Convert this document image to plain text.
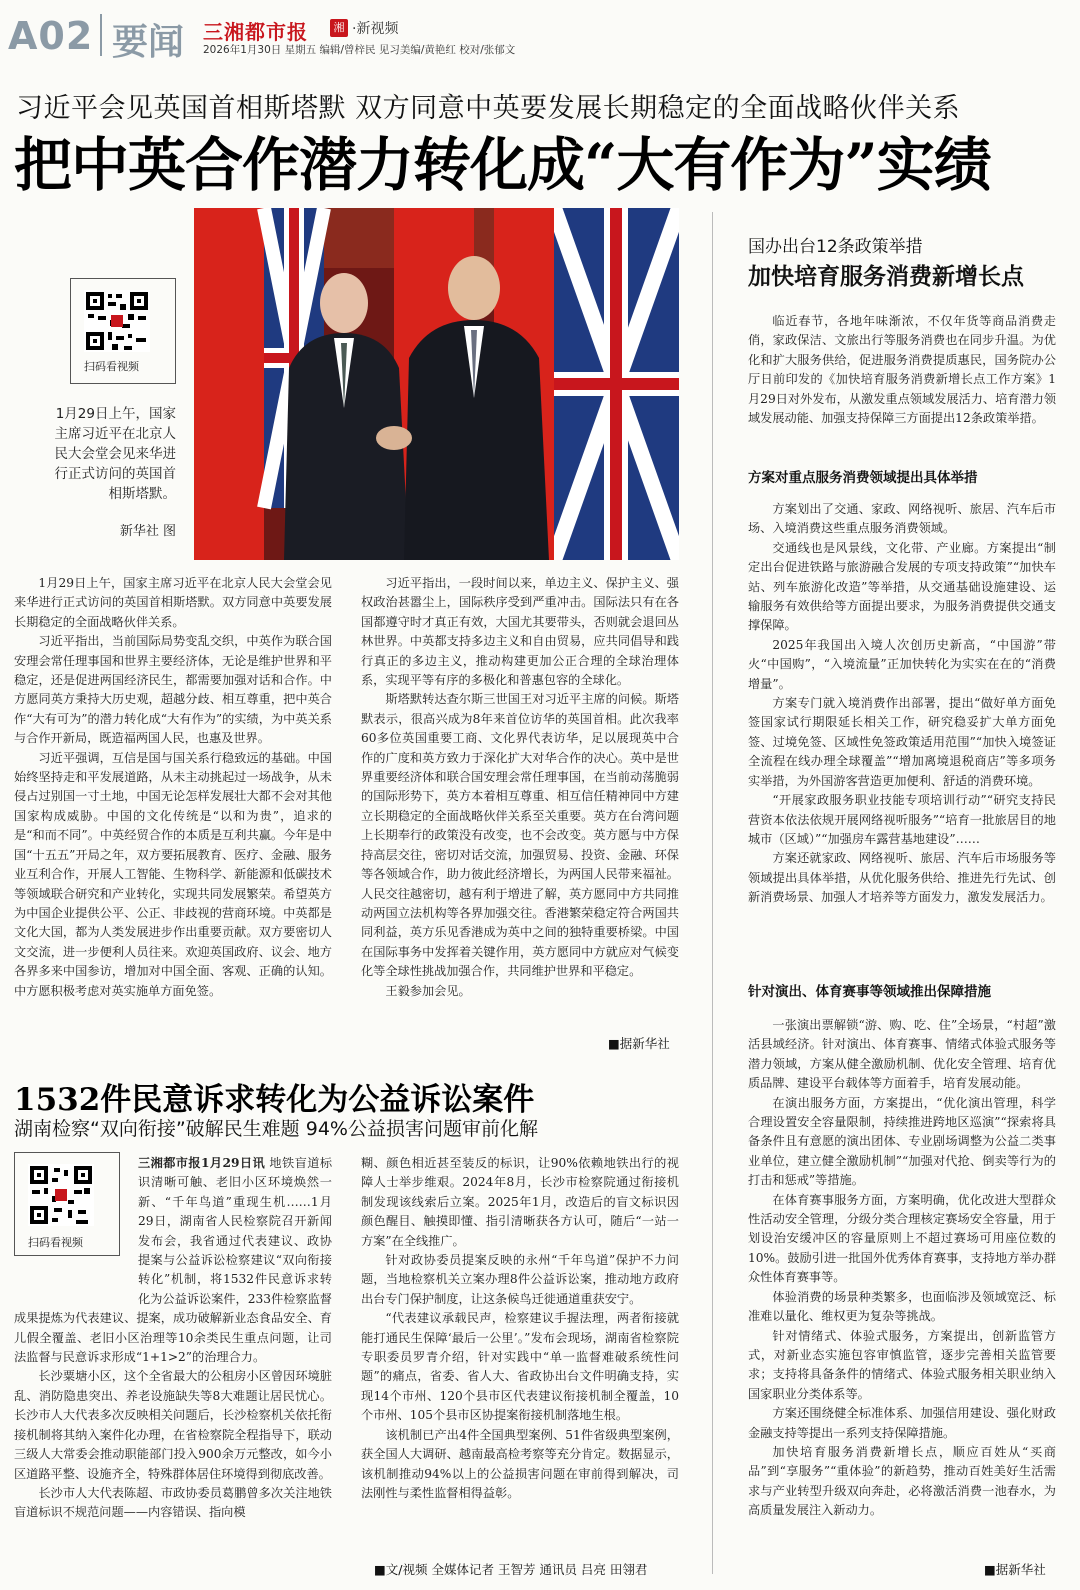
A02 要闻 三湘都市报	湘 ·新视频
2026年1月30日 星期五 编辑/曾梓民 见习美编/黄艳红 校对/张郁文
习近平会见英国首相斯塔默 双方同意中英要发展长期稳定的全面战略伙伴关系
把中英合作潜力转化成“大有作为”实绩
扫码看视频
1月29日上午，国家主席习近平在北京人民大会堂会见来华进行正式访问的英国首相斯塔默。
新华社 图

1月29日上午，国家主席习近平在北京人民大会堂会见来华进行正式访问的英国首相斯塔默。双方同意中英要发展长期稳定的全面战略伙伴关系。

习近平指出，当前国际局势变乱交织，中英作为联合国安理会常任理事国和世界主要经济体，无论是维护世界和平稳定，还是促进两国经济民生，都需要加强对话和合作。中方愿同英方秉持大历史观，超越分歧、相互尊重，把中英合作“大有可为”的潜力转化成“大有作为”的实绩，为中英关系与合作开新局，既造福两国人民，也惠及世界。

习近平强调，互信是国与国关系行稳致远的基础。中国始终坚持走和平发展道路，从未主动挑起过一场战争，从未侵占过别国一寸土地，中国无论怎样发展壮大都不会对其他国家构成威胁。中国的文化传统是“以和为贵”，追求的是“和而不同”。中英经贸合作的本质是互利共赢。今年是中国“十五五”开局之年，双方要拓展教育、医疗、金融、服务业互利合作，开展人工智能、生物科学、新能源和低碳技术等领域联合研究和产业转化，实现共同发展繁荣。希望英方为中国企业提供公平、公正、非歧视的营商环境。中英都是文化大国，都为人类发展进步作出重要贡献。双方要密切人文交流，进一步便利人员往来。欢迎英国政府、议会、地方各界多来中国参访，增加对中国全面、客观、正确的认知。中方愿积极考虑对英实施单方面免签。

习近平指出，一段时间以来，单边主义、保护主义、强权政治甚嚣尘上，国际秩序受到严重冲击。国际法只有在各国都遵守时才真正有效，大国尤其要带头，否则就会退回丛林世界。中英都支持多边主义和自由贸易，应共同倡导和践行真正的多边主义，推动构建更加公正合理的全球治理体系，实现平等有序的多极化和普惠包容的全球化。

斯塔默转达查尔斯三世国王对习近平主席的问候。斯塔默表示，很高兴成为8年来首位访华的英国首相。此次我率60多位英国重要工商、文化界代表访华，足以展现英中合作的广度和英方致力于深化扩大对华合作的决心。英中是世界重要经济体和联合国安理会常任理事国，在当前动荡脆弱的国际形势下，英方本着相互尊重、相互信任精神同中方建立长期稳定的全面战略伙伴关系至关重要。英方在台湾问题上长期奉行的政策没有改变，也不会改变。英方愿与中方保持高层交往，密切对话交流，加强贸易、投资、金融、环保等各领域合作，助力彼此经济增长，为两国人民带来福祉。人民交往越密切，越有利于增进了解，英方愿同中方共同推动两国立法机构等各界加强交往。香港繁荣稳定符合两国共同利益，英方乐见香港成为英中之间的独特重要桥梁。中国在国际事务中发挥着关键作用，英方愿同中方就应对气候变化等全球性挑战加强合作，共同维护世界和平稳定。

王毅参加会见。

■据新华社
国办出台12条政策举措
加快培育服务消费新增长点

临近春节，各地年味渐浓，不仅年货等商品消费走俏，家政保洁、文旅出行等服务消费也在同步升温。为优化和扩大服务供给，促进服务消费提质惠民，国务院办公厅日前印发的《加快培育服务消费新增长点工作方案》1月29日对外发布，从激发重点领域发展活力、培育潜力领域发展动能、加强支持保障三方面提出12条政策举措。

方案对重点服务消费领域提出具体举措

方案划出了交通、家政、网络视听、旅居、汽车后市场、入境消费这些重点服务消费领域。

交通线也是风景线，文化带、产业廊。方案提出“制定出台促进铁路与旅游融合发展的专项支持政策”“加快车站、列车旅游化改造”等举措，从交通基础设施建设、运输服务有效供给等方面提出要求，为服务消费提供交通支撑保障。

2025年我国出入境人次创历史新高，“中国游”带火“中国购”，“入境流量”正加快转化为实实在在的“消费增量”。

方案专门就入境消费作出部署，提出“做好单方面免签国家试行期限延长相关工作，研究稳妥扩大单方面免签、过境免签、区域性免签政策适用范围”“加快入境签证全流程在线办理全球覆盖”“增加离境退税商店”等多项务实举措，为外国游客营造更加便利、舒适的消费环境。

“开展家政服务职业技能专项培训行动”“研究支持民营资本依法依规开展网络视听服务”“培育一批旅居目的地城市（区域）”“加强房车露营基地建设”……

方案还就家政、网络视听、旅居、汽车后市场服务等领域提出具体举措，从优化服务供给、推进先行先试、创新消费场景、加强人才培养等方面发力，激发发展活力。

针对演出、体育赛事等领域推出保障措施

一张演出票解锁“游、购、吃、住”全场景，“村超”激活县域经济。针对演出、体育赛事、情绪式体验式服务等潜力领域，方案从健全激励机制、优化安全管理、培育优质品牌、建设平台载体等方面着手，培育发展动能。

在演出服务方面，方案提出，“优化演出管理，科学合理设置安全容量限制，持续推进跨地区巡演”“探索将具备条件且有意愿的演出团体、专业剧场调整为公益二类事业单位，建立健全激励机制”“加强对代抢、倒卖等行为的打击和惩戒”等措施。

在体育赛事服务方面，方案明确，优化改进大型群众性活动安全管理，分级分类合理核定赛场安全容量，用于划设治安缓冲区的容量原则上不超过赛场可用座位数的10%。鼓励引进一批国外优秀体育赛事，支持地方举办群众性体育赛事等。

体验消费的场景种类繁多，也面临涉及领域宽泛、标准难以量化、维权更为复杂等挑战。

针对情绪式、体验式服务，方案提出，创新监管方式，对新业态实施包容审慎监管，逐步完善相关监管要求；支持将具备条件的情绪式、体验式服务相关职业纳入国家职业分类体系等。

方案还围绕健全标准体系、加强信用建设、强化财政金融支持等提出一系列支持保障措施。

加快培育服务消费新增长点，顺应百姓从“买商品”到“享服务”“重体验”的新趋势，推动百姓美好生活需求与产业转型升级双向奔赴，必将激活消费一池春水，为高质量发展注入新动力。

■据新华社
1532件民意诉求转化为公益诉讼案件
湖南检察“双向衔接”破解民生难题 94%公益损害问题审前化解
扫码看视频

三湘都市报1月29日讯 地铁盲道标识清晰可触、老旧小区环境焕然一新、“千年鸟道”重现生机……1月29日，湖南省人民检察院召开新闻发布会，我省通过代表建议、政协提案与公益诉讼检察建议“双向衔接转化”机制，将1532件民意诉求转化为公益诉讼案件，233件检察监督成果提炼为代表建议、提案，成功破解新业态食品安全、育儿假全覆盖、老旧小区治理等10余类民生重点问题，让司法监督与民意诉求形成“1+1>2”的治理合力。

长沙粟塘小区，这个全省最大的公租房小区曾因环境脏乱、消防隐患突出、养老设施缺失等8大难题让居民忧心。长沙市人大代表多次反映相关问题后，长沙检察机关依托衔接机制将其纳入案件化办理，在省检察院全程指导下，联动三级人大常委会推动职能部门投入900余万元整改，如今小区道路平整、设施齐全，特殊群体居住环境得到彻底改善。

长沙市人大代表陈超、市政协委员葛鹏曾多次关注地铁盲道标识不规范问题——内容错误、指向模

糊、颜色相近甚至装反的标识，让90%依赖地铁出行的视障人士举步维艰。2024年8月，长沙市检察院通过衔接机制发现该线索后立案。2025年1月，改造后的盲文标识因颜色醒目、触摸即懂、指引清晰获各方认可，随后“一站一方案”在全线推广。

针对政协委员提案反映的永州“千年鸟道”保护不力问题，当地检察机关立案办理8件公益诉讼案，推动地方政府出台专门保护制度，让这条候鸟迁徙通道重获安宁。

“代表建议承载民声，检察建议手握法理，两者衔接就能打通民生保障‘最后一公里’。”发布会现场，湖南省检察院专职委员罗青介绍，针对实践中“单一监督难破系统性问题”的痛点，省委、省人大、省政协出台文件明确支持，实现14个市州、120个县市区代表建议衔接机制全覆盖，10个市州、105个县市区协提案衔接机制落地生根。

该机制已产出4件全国典型案例、51件省级典型案例，获全国人大调研、越南最高检考察等充分肯定。数据显示，该机制推动94%以上的公益损害问题在审前得到解决，司法刚性与柔性监督相得益彰。

■文/视频 全媒体记者 王智芳 通讯员 吕亮 田翎君
